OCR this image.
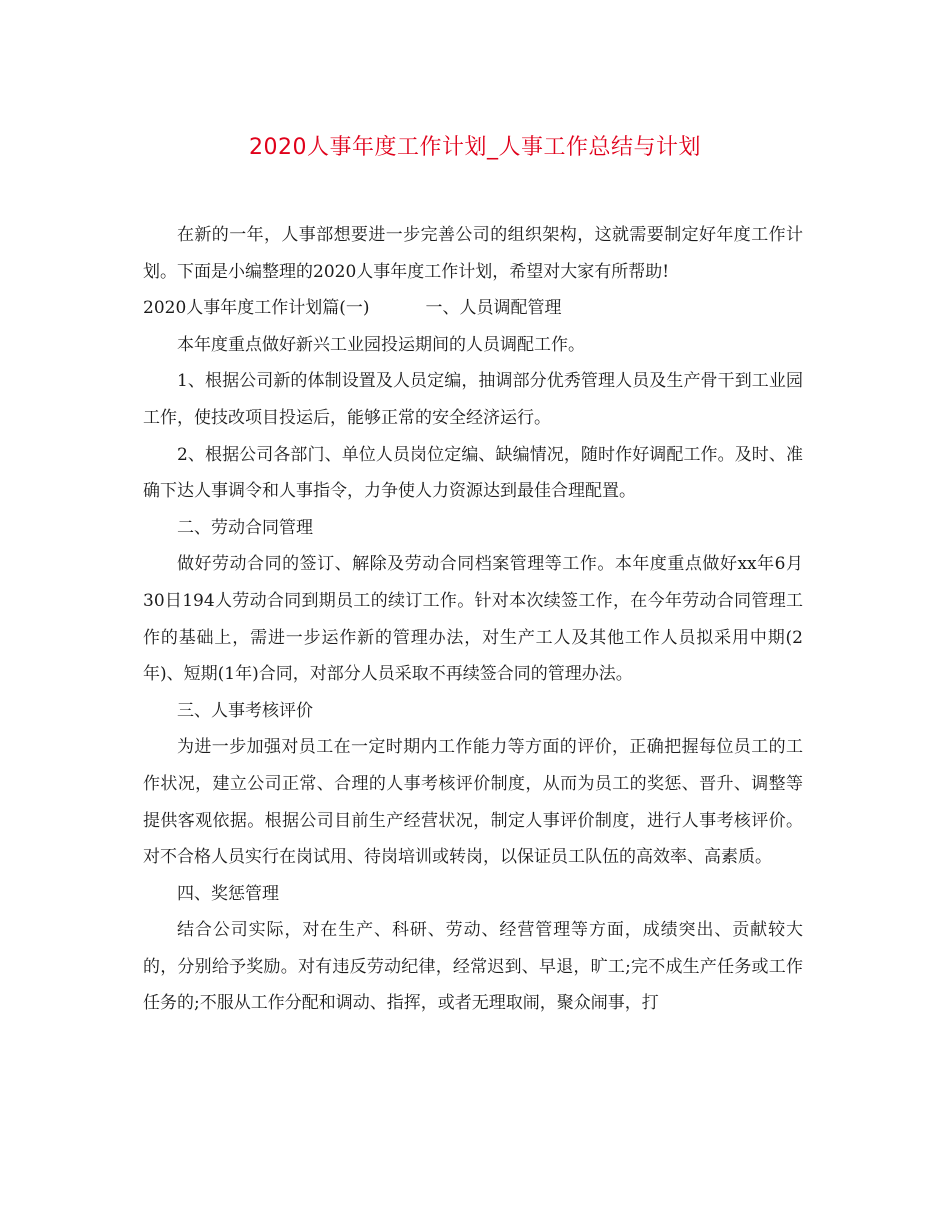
2020人事年度工作计划_人事工作总结与计划

在新的一年，人事部想要进一步完善公司的组织架构，这就需要制定好年度工作计划。下面是小编整理的2020人事年度工作计划，希望对大家有所帮助!

2020人事年度工作计划篇(一)	一、人员调配管理

本年度重点做好新兴工业园投运期间的人员调配工作。

1、根据公司新的体制设置及人员定编，抽调部分优秀管理人员及生产骨干到工业园工作，使技改项目投运后，能够正常的安全经济运行。

2、根据公司各部门、单位人员岗位定编、缺编情况，随时作好调配工作。及时、准确下达人事调令和人事指令，力争使人力资源达到最佳合理配置。

二、劳动合同管理

做好劳动合同的签订、解除及劳动合同档案管理等工作。本年度重点做好xx年6月30日194人劳动合同到期员工的续订工作。针对本次续签工作，在今年劳动合同管理工作的基础上，需进一步运作新的管理办法，对生产工人及其他工作人员拟采用中期(2年)、短期(1年)合同，对部分人员采取不再续签合同的管理办法。

三、人事考核评价

为进一步加强对员工在一定时期内工作能力等方面的评价，正确把握每位员工的工作状况，建立公司正常、合理的人事考核评价制度，从而为员工的奖惩、晋升、调整等提供客观依据。根据公司目前生产经营状况，制定人事评价制度，进行人事考核评价。对不合格人员实行在岗试用、待岗培训或转岗，以保证员工队伍的高效率、高素质。

四、奖惩管理

结合公司实际，对在生产、科研、劳动、经营管理等方面，成绩突出、贡献较大的，分别给予奖励。对有违反劳动纪律，经常迟到、早退，旷工;完不成生产任务或工作任务的;不服从工作分配和调动、指挥，或者无理取闹，聚众闹事，打
